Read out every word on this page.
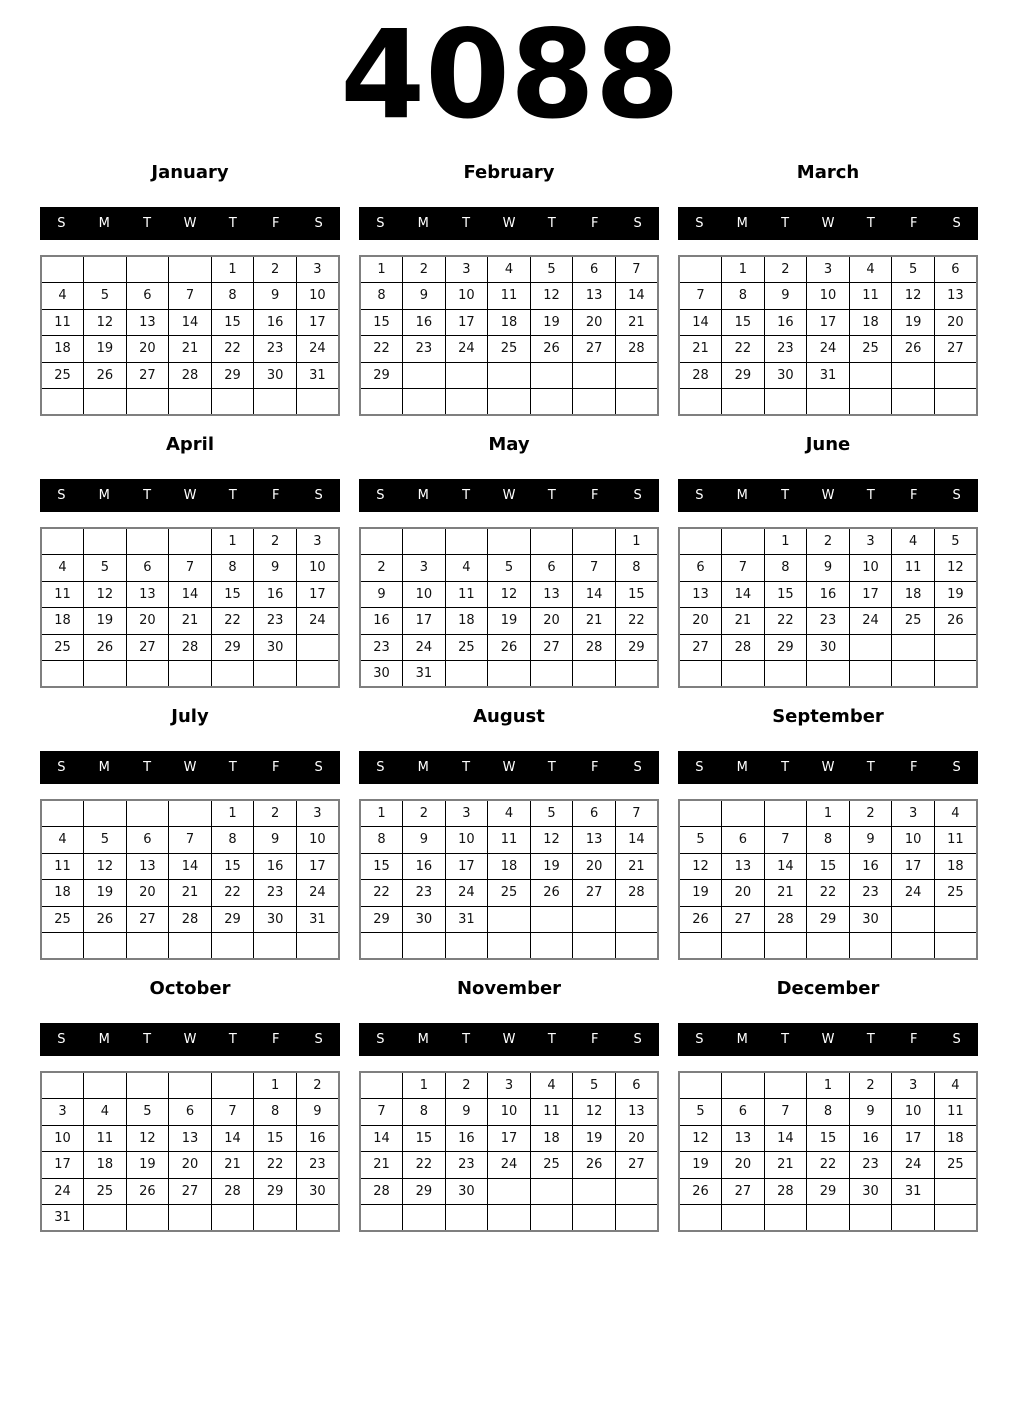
4088
January
S	M	T	W	T	F	S
				1	2	3
4	5	6	7	8	9	10
11	12	13	14	15	16	17
18	19	20	21	22	23	24
25	26	27	28	29	30	31

February
S	M	T	W	T	F	S
1	2	3	4	5	6	7
8	9	10	11	12	13	14
15	16	17	18	19	20	21
22	23	24	25	26	27	28
29						

March
S	M	T	W	T	F	S
	1	2	3	4	5	6
7	8	9	10	11	12	13
14	15	16	17	18	19	20
21	22	23	24	25	26	27
28	29	30	31			

April
S	M	T	W	T	F	S
				1	2	3
4	5	6	7	8	9	10
11	12	13	14	15	16	17
18	19	20	21	22	23	24
25	26	27	28	29	30	

May
S	M	T	W	T	F	S
						1
2	3	4	5	6	7	8
9	10	11	12	13	14	15
16	17	18	19	20	21	22
23	24	25	26	27	28	29
30	31					
June
S	M	T	W	T	F	S
		1	2	3	4	5
6	7	8	9	10	11	12
13	14	15	16	17	18	19
20	21	22	23	24	25	26
27	28	29	30			

July
S	M	T	W	T	F	S
				1	2	3
4	5	6	7	8	9	10
11	12	13	14	15	16	17
18	19	20	21	22	23	24
25	26	27	28	29	30	31

August
S	M	T	W	T	F	S
1	2	3	4	5	6	7
8	9	10	11	12	13	14
15	16	17	18	19	20	21
22	23	24	25	26	27	28
29	30	31				

September
S	M	T	W	T	F	S
			1	2	3	4
5	6	7	8	9	10	11
12	13	14	15	16	17	18
19	20	21	22	23	24	25
26	27	28	29	30		

October
S	M	T	W	T	F	S
					1	2
3	4	5	6	7	8	9
10	11	12	13	14	15	16
17	18	19	20	21	22	23
24	25	26	27	28	29	30
31						
November
S	M	T	W	T	F	S
	1	2	3	4	5	6
7	8	9	10	11	12	13
14	15	16	17	18	19	20
21	22	23	24	25	26	27
28	29	30				

December
S	M	T	W	T	F	S
			1	2	3	4
5	6	7	8	9	10	11
12	13	14	15	16	17	18
19	20	21	22	23	24	25
26	27	28	29	30	31	
